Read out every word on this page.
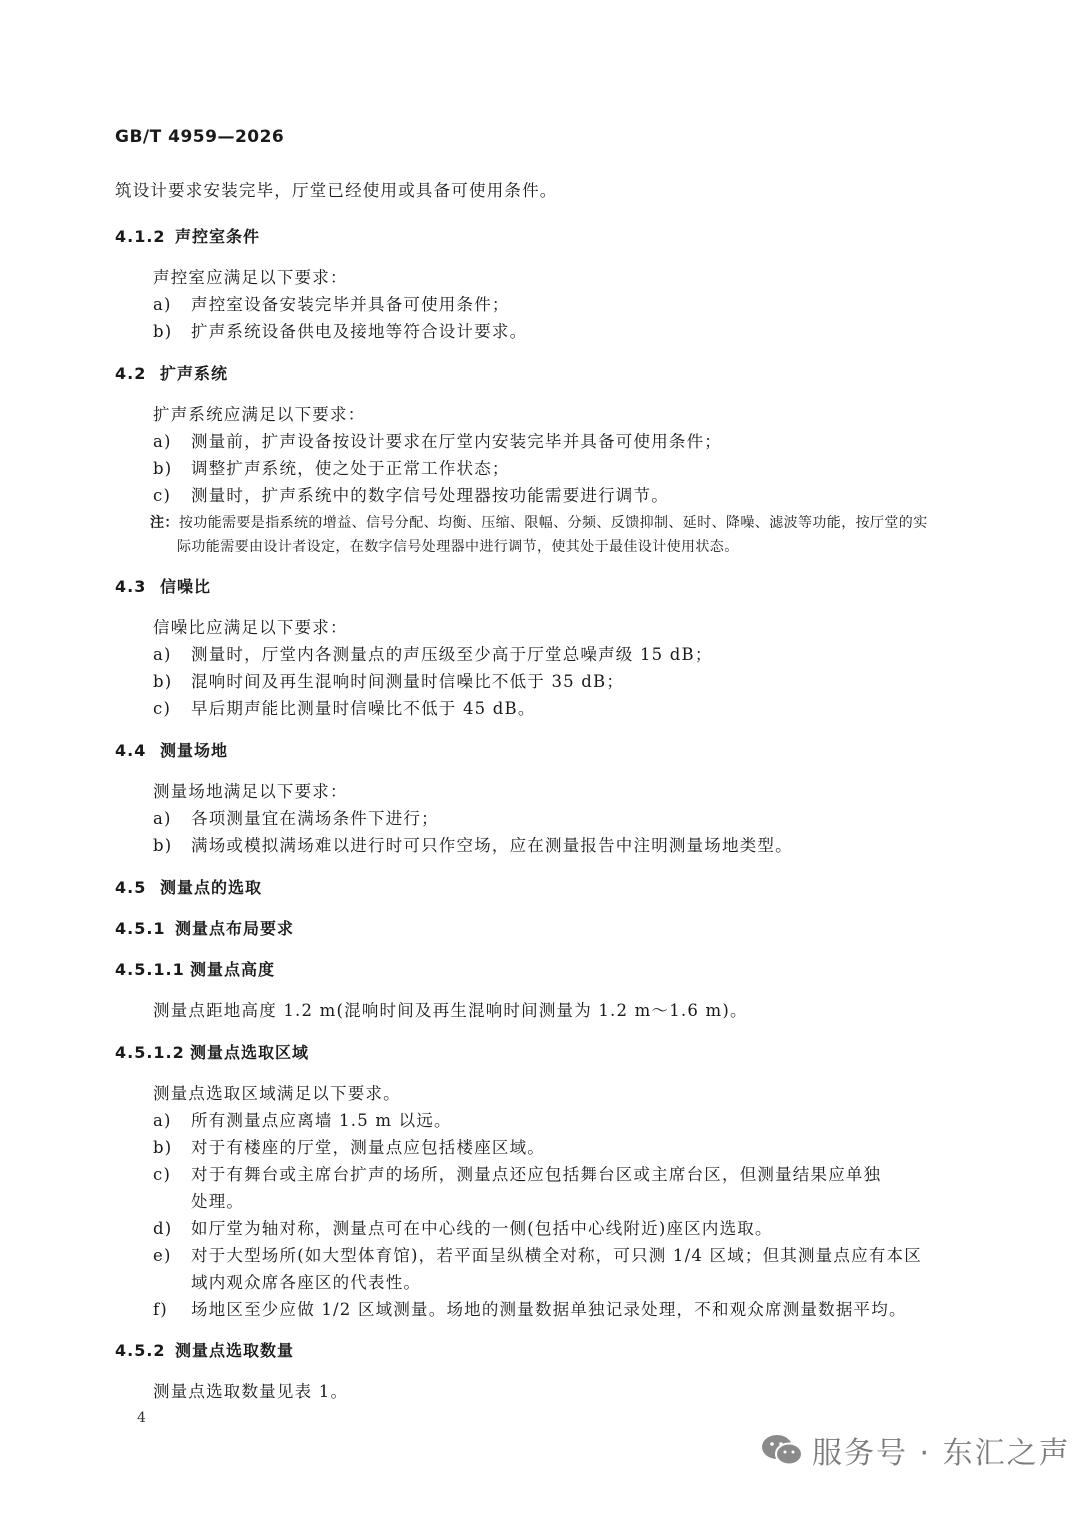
GB/T 4959—2026
筑设计要求安装完毕，厅堂已经使用或具备可使用条件。
4.1.2 声控室条件
声控室应满足以下要求：
a) 声控室设备安装完毕并具备可使用条件；
b) 扩声系统设备供电及接地等符合设计要求。
4.2 扩声系统
扩声系统应满足以下要求：
a) 测量前，扩声设备按设计要求在厅堂内安装完毕并具备可使用条件；
b) 调整扩声系统，使之处于正常工作状态；
c) 测量时，扩声系统中的数字信号处理器按功能需要进行调节。
注：按功能需要是指系统的增益、信号分配、均衡、压缩、限幅、分频、反馈抑制、延时、降噪、滤波等功能，按厅堂的实
际功能需要由设计者设定，在数字信号处理器中进行调节，使其处于最佳设计使用状态。
4.3 信噪比
信噪比应满足以下要求：
a) 测量时，厅堂内各测量点的声压级至少高于厅堂总噪声级 15 dB；
b) 混响时间及再生混响时间测量时信噪比不低于 35 dB；
c) 早后期声能比测量时信噪比不低于 45 dB。
4.4 测量场地
测量场地满足以下要求：
a) 各项测量宜在满场条件下进行；
b) 满场或模拟满场难以进行时可只作空场，应在测量报告中注明测量场地类型。
4.5 测量点的选取
4.5.1 测量点布局要求
4.5.1.1 测量点高度
测量点距地高度 1.2 m(混响时间及再生混响时间测量为 1.2 m～1.6 m)。
4.5.1.2 测量点选取区域
测量点选取区域满足以下要求。
a) 所有测量点应离墙 1.5 m 以远。
b) 对于有楼座的厅堂，测量点应包括楼座区域。
c) 对于有舞台或主席台扩声的场所，测量点还应包括舞台区或主席台区，但测量结果应单独
处理。
d) 如厅堂为轴对称，测量点可在中心线的一侧(包括中心线附近)座区内选取。
e) 对于大型场所(如大型体育馆)，若平面呈纵横全对称，可只测 1/4 区域；但其测量点应有本区
域内观众席各座区的代表性。
f) 场地区至少应做 1/2 区域测量。场地的测量数据单独记录处理，不和观众席测量数据平均。
4.5.2 测量点选取数量
测量点选取数量见表 1。
4
服务号 · 东汇之声
